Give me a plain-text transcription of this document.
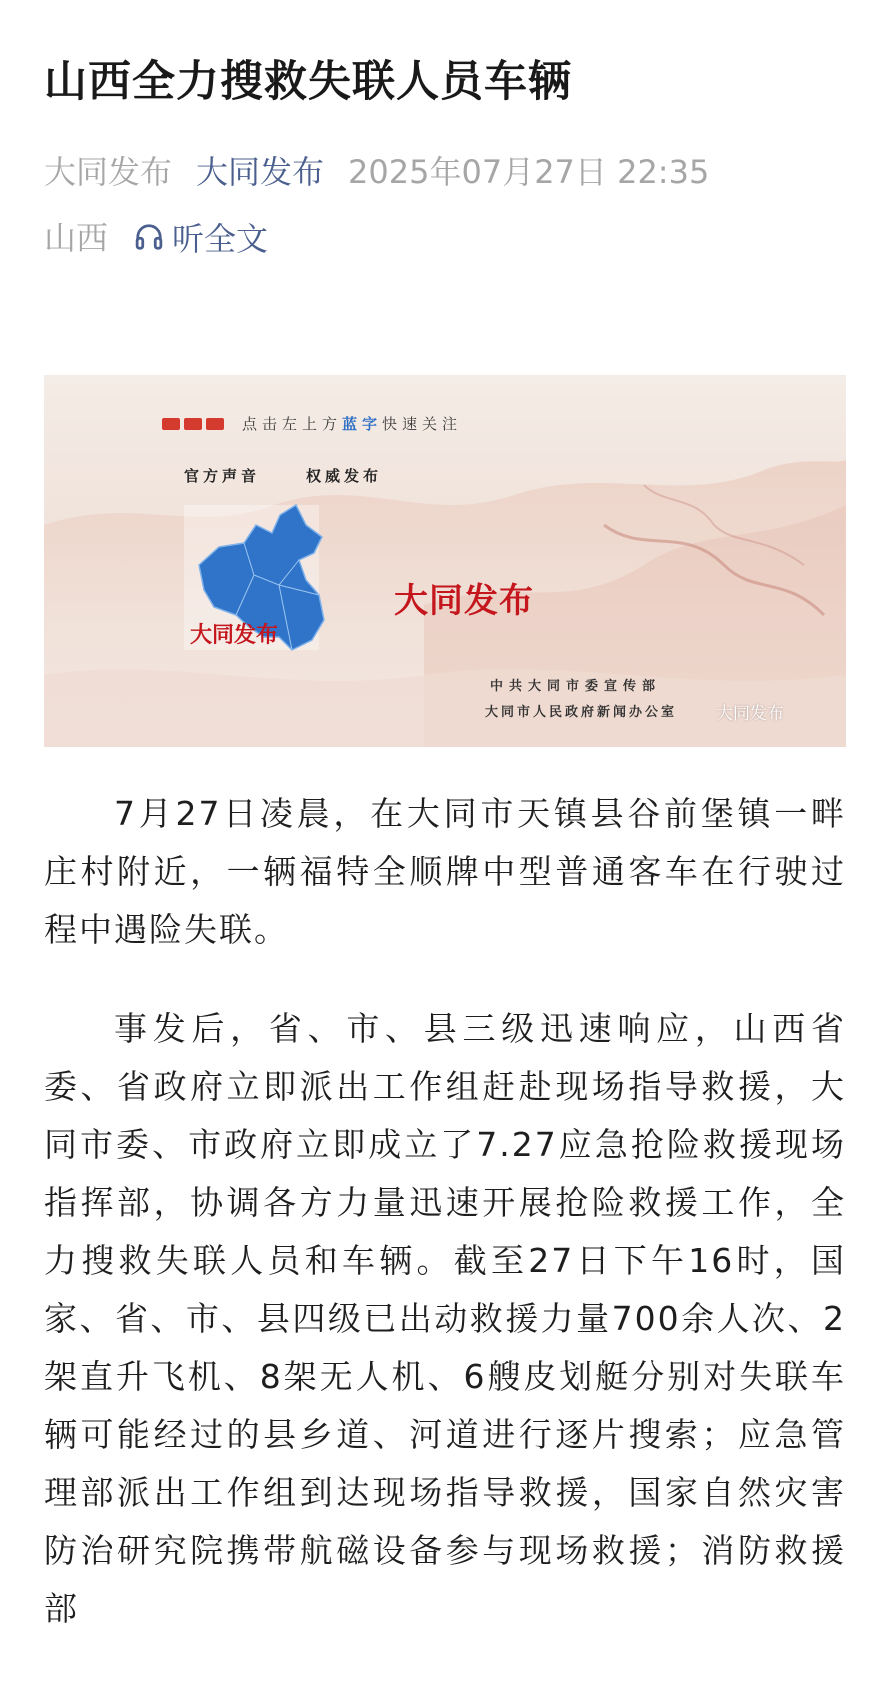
山西全力搜救失联人员车辆
大同发布 大同发布 2025年07月27日 22:35
山西 听全文
点击左上方蓝字快速关注
官方声音	权威发布
大同发布
大同发布
中共大同市委宣传部
大同市人民政府新闻办公室 大同发布

7月27日凌晨，在大同市天镇县谷前堡镇一畔庄村附近，一辆福特全顺牌中型普通客车在行驶过程中遇险失联。

事发后，省、市、县三级迅速响应，山西省委、省政府立即派出工作组赶赴现场指导救援，大同市委、市政府立即成立了7.27应急抢险救援现场指挥部，协调各方力量迅速开展抢险救援工作，全力搜救失联人员和车辆。截至27日下午16时，国家、省、市、县四级已出动救援力量700余人次、2架直升飞机、8架无人机、6艘皮划艇分别对失联车辆可能经过的县乡道、河道进行逐片搜索；应急管理部派出工作组到达现场指导救援，国家自然灾害防治研究院携带航磁设备参与现场救援；消防救援部
